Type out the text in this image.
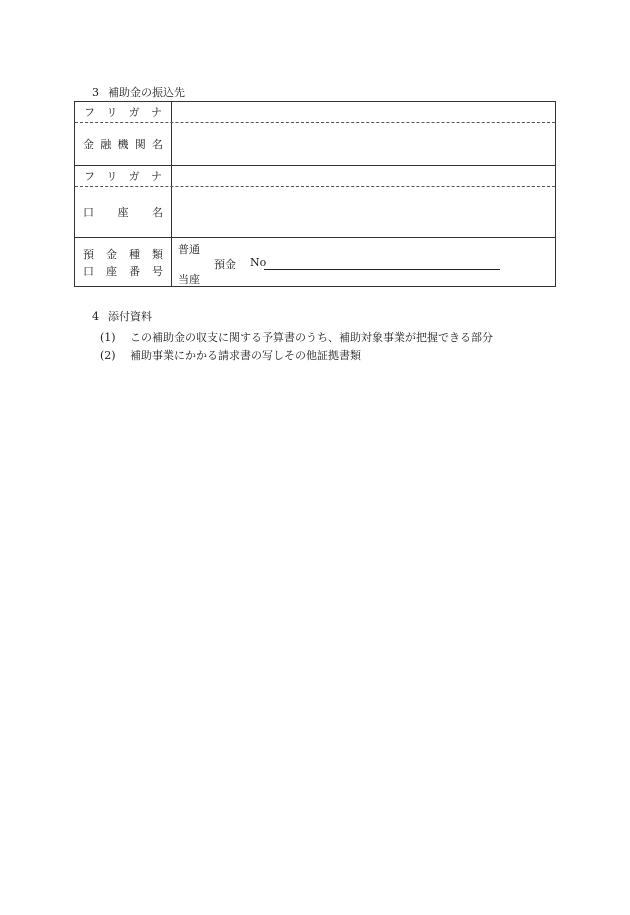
3 補助金の振込先
フ リ ガ ナ
金 融 機 関 名
フ リ ガ ナ
口 座 名
預 金 種 類
口 座 番 号
普通
預金 No
当座
4 添付資料
(1) この補助金の収支に関する予算書のうち、補助対象事業が把握できる部分
(2) 補助事業にかかる請求書の写しその他証拠書類
